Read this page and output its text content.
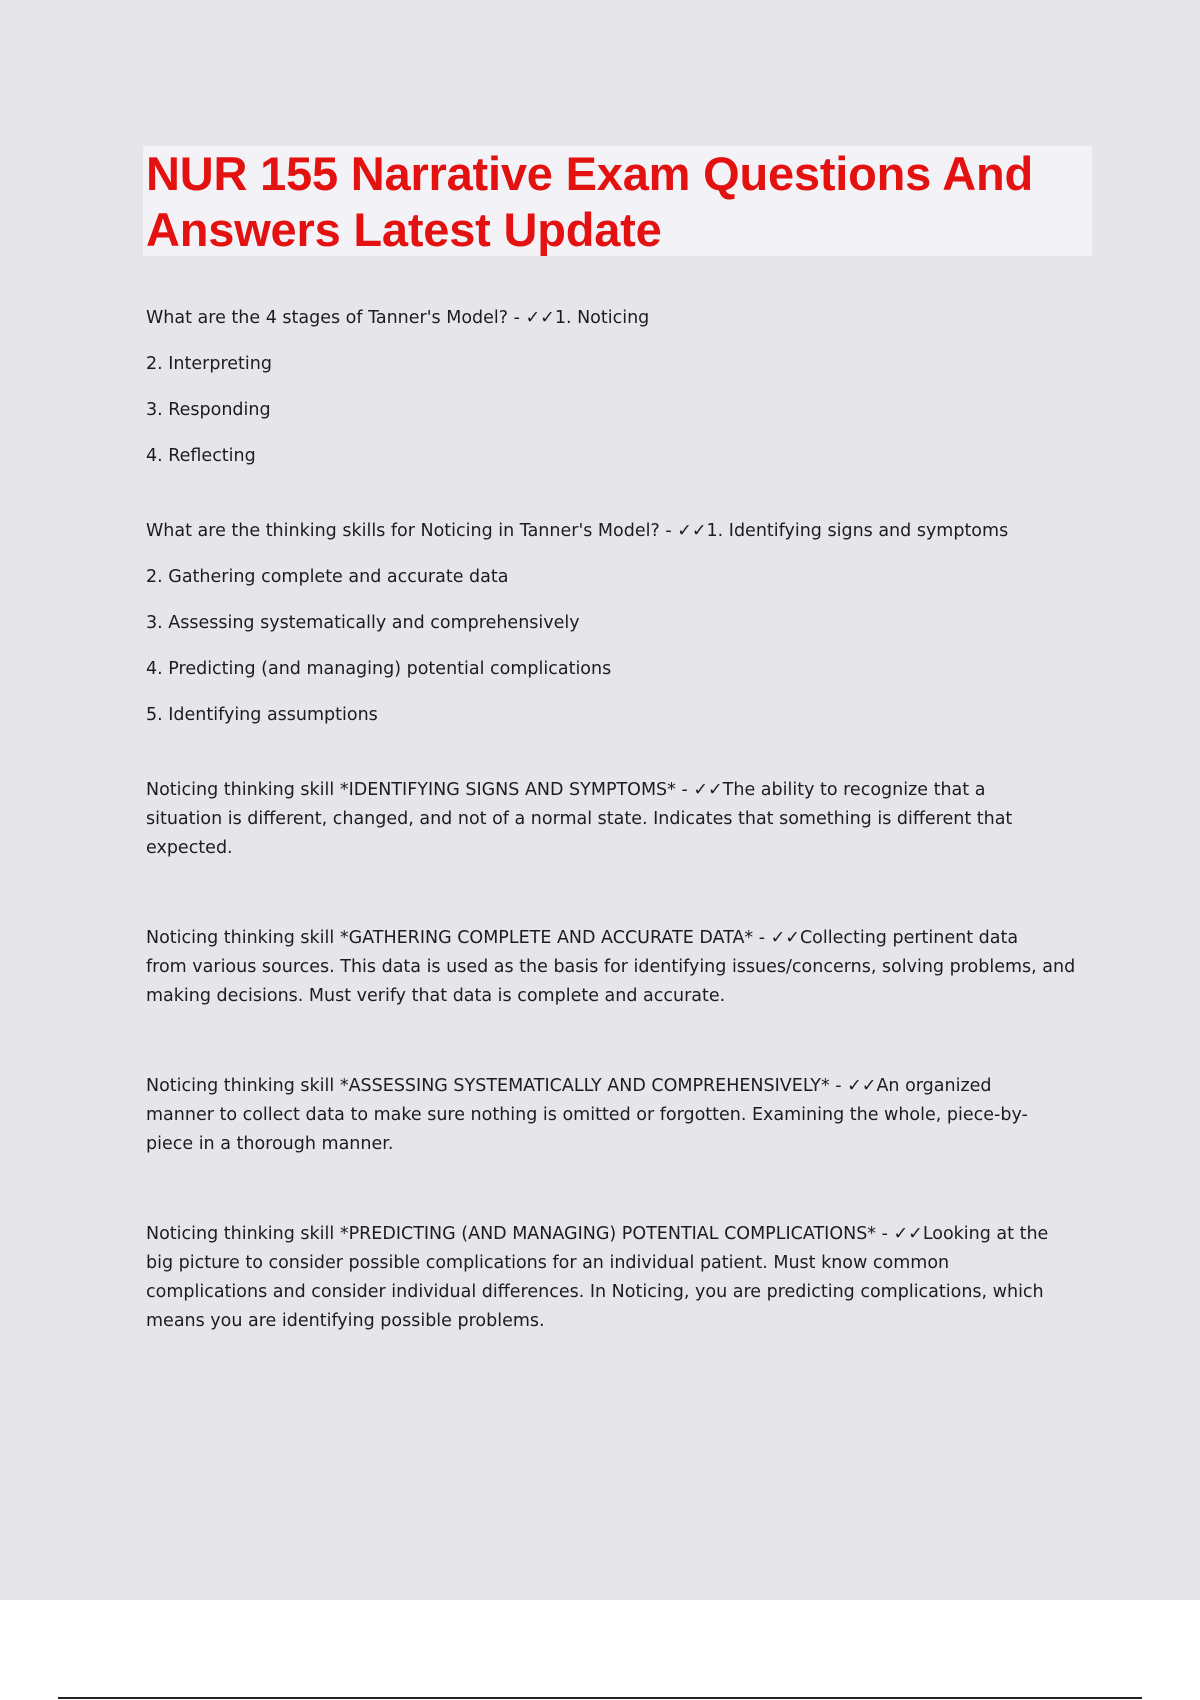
NUR 155 Narrative Exam Questions And
Answers Latest Update

What are the 4 stages of Tanner's Model? - ✓✓1. Noticing

2. Interpreting

3. Responding

4. Reflecting

What are the thinking skills for Noticing in Tanner's Model? - ✓✓1. Identifying signs and symptoms

2. Gathering complete and accurate data

3. Assessing systematically and comprehensively

4. Predicting (and managing) potential complications

5. Identifying assumptions

Noticing thinking skill *IDENTIFYING SIGNS AND SYMPTOMS* - ✓✓The ability to recognize that a
situation is different, changed, and not of a normal state. Indicates that something is different that
expected.

Noticing thinking skill *GATHERING COMPLETE AND ACCURATE DATA* - ✓✓Collecting pertinent data
from various sources. This data is used as the basis for identifying issues/concerns, solving problems, and
making decisions. Must verify that data is complete and accurate.

Noticing thinking skill *ASSESSING SYSTEMATICALLY AND COMPREHENSIVELY* - ✓✓An organized
manner to collect data to make sure nothing is omitted or forgotten. Examining the whole, piece-by-
piece in a thorough manner.

Noticing thinking skill *PREDICTING (AND MANAGING) POTENTIAL COMPLICATIONS* - ✓✓Looking at the
big picture to consider possible complications for an individual patient. Must know common
complications and consider individual differences. In Noticing, you are predicting complications, which
means you are identifying possible problems.
